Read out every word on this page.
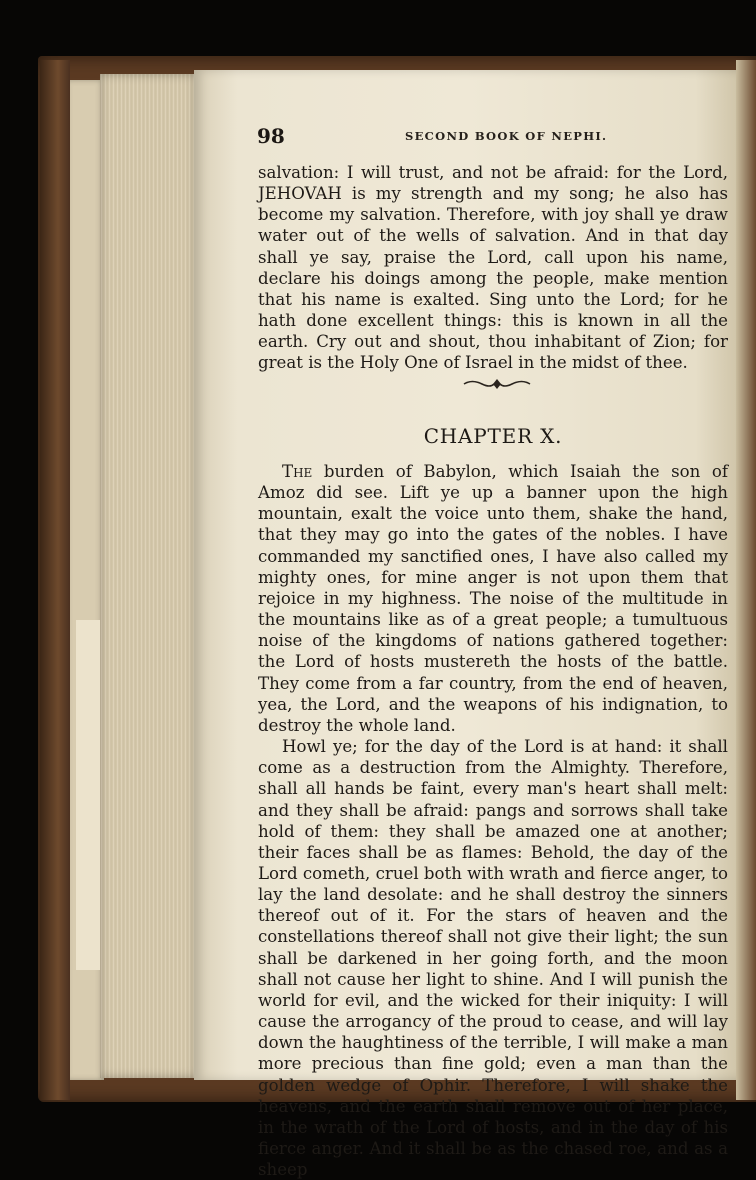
98	SECOND BOOK OF NEPHI.

salvation: I will trust, and not be afraid: for the Lord, JEHOVAH is my strength and my song; he also has become my salvation. Therefore, with joy shall ye draw water out of the wells of salvation. And in that day shall ye say, praise the Lord, call upon his name, declare his doings among the people, make mention that his name is exalted. Sing unto the Lord; for he hath done excellent things: this is known in all the earth. Cry out and shout, thou inhabitant of Zion; for great is the Holy One of Israel in the midst of thee.

CHAPTER X.

The burden of Babylon, which Isaiah the son of Amoz did see. Lift ye up a banner upon the high mountain, exalt the voice unto them, shake the hand, that they may go into the gates of the nobles. I have commanded my sanctified ones, I have also called my mighty ones, for mine anger is not upon them that rejoice in my highness. The noise of the multitude in the mountains like as of a great people; a tumultuous noise of the kingdoms of nations gathered together: the Lord of hosts mustereth the hosts of the battle. They come from a far country, from the end of heaven, yea, the Lord, and the weapons of his indignation, to destroy the whole land.

Howl ye; for the day of the Lord is at hand: it shall come as a destruction from the Almighty. Therefore, shall all hands be faint, every man's heart shall melt: and they shall be afraid: pangs and sorrows shall take hold of them: they shall be amazed one at another; their faces shall be as flames: Behold, the day of the Lord cometh, cruel both with wrath and fierce anger, to lay the land desolate: and he shall destroy the sinners thereof out of it. For the stars of heaven and the constellations thereof shall not give their light; the sun shall be darkened in her going forth, and the moon shall not cause her light to shine. And I will punish the world for evil, and the wicked for their iniquity: I will cause the arrogancy of the proud to cease, and will lay down the haughtiness of the terrible, I will make a man more precious than fine gold; even a man than the golden wedge of Ophir. Therefore, I will shake the heavens, and the earth shall remove out of her place, in the wrath of the Lord of hosts, and in the day of his fierce anger. And it shall be as the chased roe, and as a sheep
